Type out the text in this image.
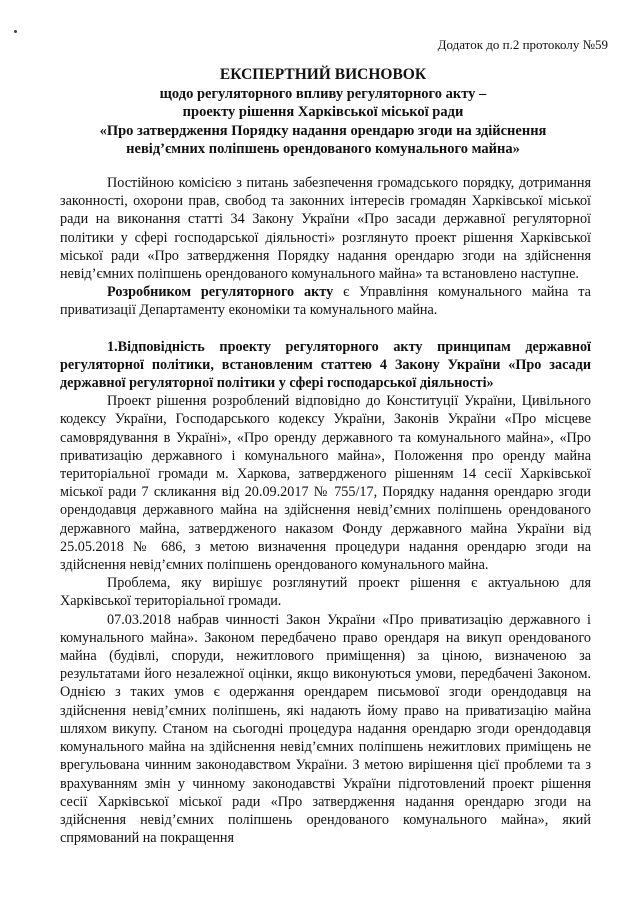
Додаток до п.2 протоколу №59
ЕКСПЕРТНИЙ ВИСНОВОК
щодо регуляторного впливу регуляторного акту –
проекту рішення Харківської міської ради
«Про затвердження Порядку надання орендарю згоди на здійснення
невід’ємних поліпшень орендованого комунального майна»

Постійною комісією з питань забезпечення громадського порядку, дотримання законності, охорони прав, свобод та законних інтересів громадян Харківської міської ради на виконання статті 34 Закону України «Про засади державної регуляторної політики у сфері господарської діяльності» розглянуто проект рішення Харківської міської ради «Про затвердження Порядку надання орендарю згоди на здійснення невід’ємних поліпшень орендованого комунального майна» та встановлено наступне.

Розробником регуляторного акту є Управління комунального майна та приватизації Департаменту економіки та комунального майна.

1.Відповідність проекту регуляторного акту принципам державної регуляторної політики, встановленим статтею 4 Закону України «Про засади державної регуляторної політики у сфері господарської діяльності»

Проект рішення розроблений відповідно до Конституції України, Цивільного кодексу України, Господарського кодексу України, Законів України «Про місцеве самоврядування в Україні», «Про оренду державного та комунального майна», «Про приватизацію державного і комунального майна», Положення про оренду майна територіальної громади м. Харкова, затвердженого рішенням 14 сесії Харківської міської ради 7 скликання від 20.09.2017 № 755/17, Порядку надання орендарю згоди орендодавця державного майна на здійснення невід’ємних поліпшень орендованого державного майна, затвердженого наказом Фонду державного майна України від 25.05.2018 № 686, з метою визначення процедури надання орендарю згоди на здійснення невід’ємних поліпшень орендованого комунального майна.

Проблема, яку вирішує розглянутий проект рішення є актуальною для Харківської територіальної громади.

07.03.2018 набрав чинності Закон України «Про приватизацію державного і комунального майна». Законом передбачено право орендаря на викуп орендованого майна (будівлі, споруди, нежитлового приміщення) за ціною, визначеною за результатами його незалежної оцінки, якщо виконуються умови, передбачені Законом. Однією з таких умов є одержання орендарем письмової згоди орендодавця на здійснення невід’ємних поліпшень, які надають йому право на приватизацію майна шляхом викупу. Станом на сьогодні процедура надання орендарю згоди орендодавця комунального майна на здійснення невід’ємних поліпшень нежитлових приміщень не врегульована чинним законодавством України. З метою вирішення цієї проблеми та з врахуванням змін у чинному законодавстві України підготовлений проект рішення сесії Харківської міської ради «Про затвердження надання орендарю згоди на здійснення невід’ємних поліпшень орендованого комунального майна», який спрямований на покращення
